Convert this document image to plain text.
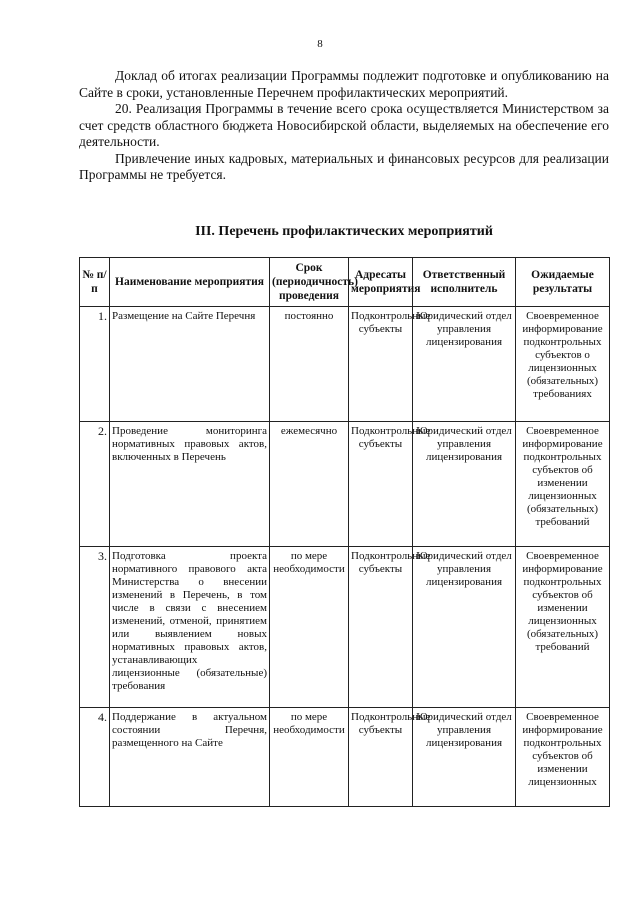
8

Доклад об итогах реализации Программы подлежит подготовке и опубликованию на Сайте в сроки, установленные Перечнем профилактических мероприятий.

20. Реализация Программы в течение всего срока осуществляется Министерством за счет средств областного бюджета Новосибирской области, выделяемых на обеспечение его деятельности.

Привлечение иных кадровых, материальных и финансовых ресурсов для реализации Программы не требуется.

III. Перечень профилактических мероприятий
№ п/п	Наименование мероприятия	Срок (периодичность) проведения	Адресаты мероприятия	Ответственный исполнитель	Ожидаемые результаты
1.	Размещение на Сайте Перечня	постоянно	Подконтрольные субъекты	Юридический отдел управления лицензирования	Своевременное информирование подконтрольных субъектов о лицензионных (обязательных) требованиях
2.	Проведение мониторинга нормативных правовых актов, включенных в Перечень	ежемесячно	Подконтрольные субъекты	Юридический отдел управления лицензирования	Своевременное информирование подконтрольных субъектов об изменении лицензионных (обязательных) требований
3.	Подготовка проекта нормативного правового акта Министерства о внесении изменений в Перечень, в том числе в связи с внесением изменений, отменой, принятием или выявлением новых нормативных правовых актов, устанавливающих лицензионные (обязательные) требования	по мере необходимости	Подконтрольные субъекты	Юридический отдел управления лицензирования	Своевременное информирование подконтрольных субъектов об изменении лицензионных (обязательных) требований
4.	Поддержание в актуальном состоянии Перечня, размещенного на Сайте	по мере необходимости	Подконтрольные субъекты	Юридический отдел управления лицензирования	Своевременное информирование подконтрольных субъектов об изменении лицензионных
